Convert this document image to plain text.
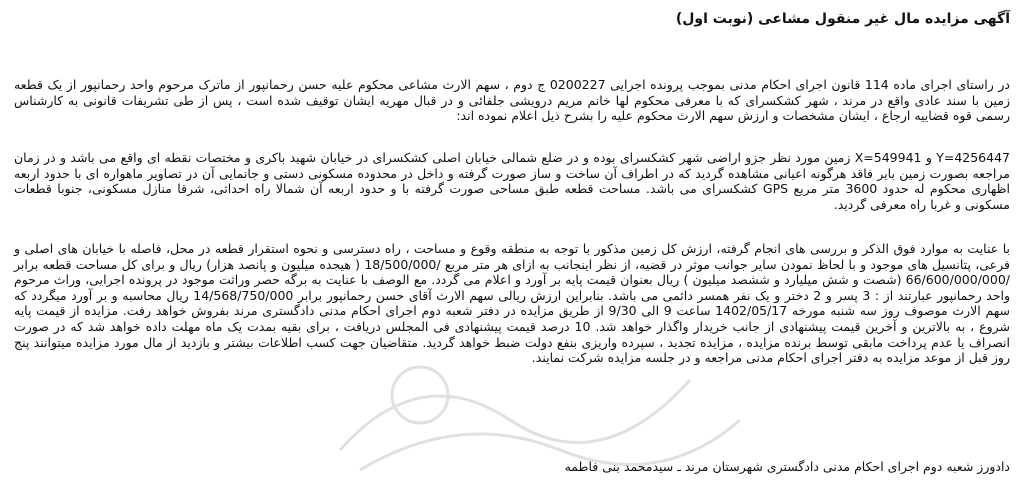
آگهی مزایده مال غیر منقول مشاعی (نوبت اول)
در راستای اجرای ماده 114 قانون اجرای احکام مدنی بموجب پرونده اجرایی 0200227 ج دوم ، سهم الارث مشاعی محکوم علیه حسن رحمانپور از ماترک مرحوم واحد رحمانپور از یک قطعه زمین با سند عادی واقع در مرند ، شهر کشکسرای که با معرفی محکوم لها خانم مریم درویشی جلفائی و در قبال مهریه ایشان توقیف شده است ، پس از طی تشریفات قانونی به کارشناس رسمی قوه قضاییه ارجاع ، ایشان مشخصات و ارزش سهم الارث محکوم علیه را بشرح ذیل اعلام نموده اند:
Y=4256447 و X=549941 زمین مورد نظر جزو اراضی شهر کشکسرای بوده و در ضلع شمالی خیابان اصلی کشکسرای در خیابان شهید باکری و مختصات نقطه ای واقع می باشد و در زمان مراجعه بصورت زمین بایر فاقد هرگونه اعیانی مشاهده گردید که در اطراف آن ساخت و ساز صورت گرفته و داخل در محدوده مسکونی دستی و جانمایی آن در تصاویر ماهواره ای با حدود اربعه اظهاری محکوم له حدود 3600 متر مربع GPS کشکسرای می باشد. مساحت قطعه طبق مساحی صورت گرفته با و حدود اربعه آن شمالا راه احداثی، شرقا منازل مسکونی، جنوبا قطعات مسکونی و غربا راه معرفی گردید.
با عنایت به موارد فوق الذکر و بررسی های انجام گرفته، ارزش کل زمین مذکور با توجه به منطقه وقوع و مساحت ، راه دسترسی و نحوه استقرار قطعه در محل، فاصله با خیابان های اصلی و فرعی، پتانسیل های موجود و با لحاظ نمودن سایر جوانب موثر در قضیه، از نظر اینجانب به ازای هر متر مربع /18/500/000 ( هیجده میلیون و پانصد هزار) ریال و برای کل مساحت قطعه برابر /66/600/000/000 (شصت و شش میلیارد و ششصد میلیون ) ریال بعنوان قیمت پایه بر آورد و اعلام می گردد. مع الوصف با عنایت به برگه حصر وراثت موجود در پرونده اجرایی، وراث مرحوم واحد رحمانپور عبارتند از : 3 پسر و 2 دختر و یک نفر همسر دائمی می باشد. بنابراین ارزش ریالی سهم الارث آقای حسن رحمانپور برابر 14/568/750/000 ریال محاسبه و بر آورد میگردد که سهم الارث موصوف روز سه شنبه مورخه 1402/05/17 ساعت 9 الی 9/30 از طریق مزایده در دفتر شعبه دوم اجرای احکام مدنی دادگستری مرند بفروش خواهد رفت. مزایده از قیمت پایه شروع ، به بالاترین و آخرین قیمت پیشنهادی از جانب خریدار واگذار خواهد شد. 10 درصد قیمت پیشنهادی فی المجلس دریافت ، برای بقیه بمدت یک ماه مهلت داده خواهد شد که در صورت انصراف یا عدم پرداخت مابقی توسط برنده مزایده ، مزایده تجدید ، سپرده واریزی بنفع دولت ضبط خواهد گردید. متقاضیان جهت کسب اطلاعات بیشتر و بازدید از مال مورد مزایده میتوانند پنج روز قبل از موعد مزایده به دفتر اجرای احکام مدنی مراجعه و در جلسه مزایده شرکت نمایند.
دادورز شعبه دوم اجرای احکام مدنی دادگستری شهرستان مرند ـ سیدمحمد بنی فاطمه
